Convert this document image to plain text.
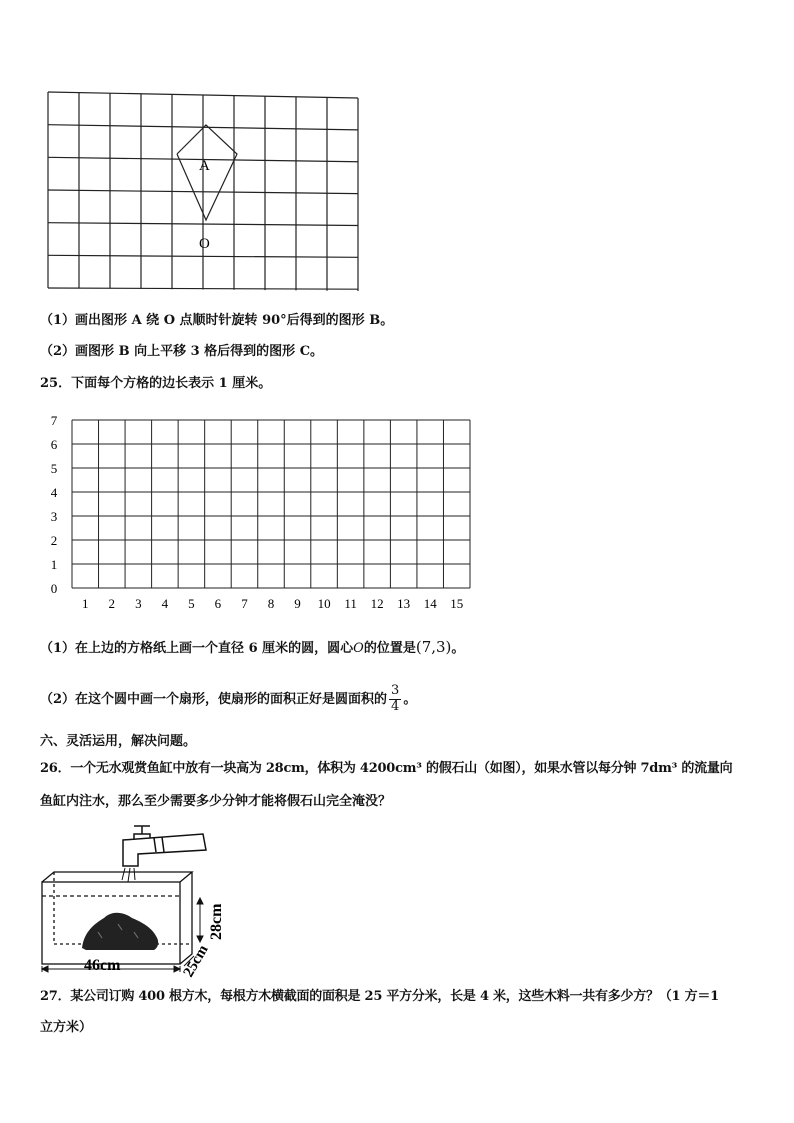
A
O
（1）画出图形 A 绕 O 点顺时针旋转 90°后得到的图形 B。
（2）画图形 B 向上平移 3 格后得到的图形 C。
25．下面每个方格的边长表示 1 厘米。
1 2 3 4 5 6 7 8 9 10 11 12 13 14 15
0
1
2
3
4
5
6
7
（1）在上边的方格纸上画一个直径 6 厘米的圆，圆心O的位置是(7,3)。
（2）在这个圆中画一个扇形，使扇形的面积正好是圆面积的 $\frac{3}{4}$ 。
六、灵活运用，解决问题。
26．一个无水观赏鱼缸中放有一块高为 28cm，体积为 4200cm³ 的假石山（如图），如果水管以每分钟 7dm³ 的流量向
鱼缸内注水，那么至少需要多少分钟才能将假石山完全淹没？
46cm	25cm
28cm
27．某公司订购 400 根方木，每根方木横截面的面积是 25 平方分米，长是 4 米，这些木料一共有多少方？（1 方＝1
立方米）
